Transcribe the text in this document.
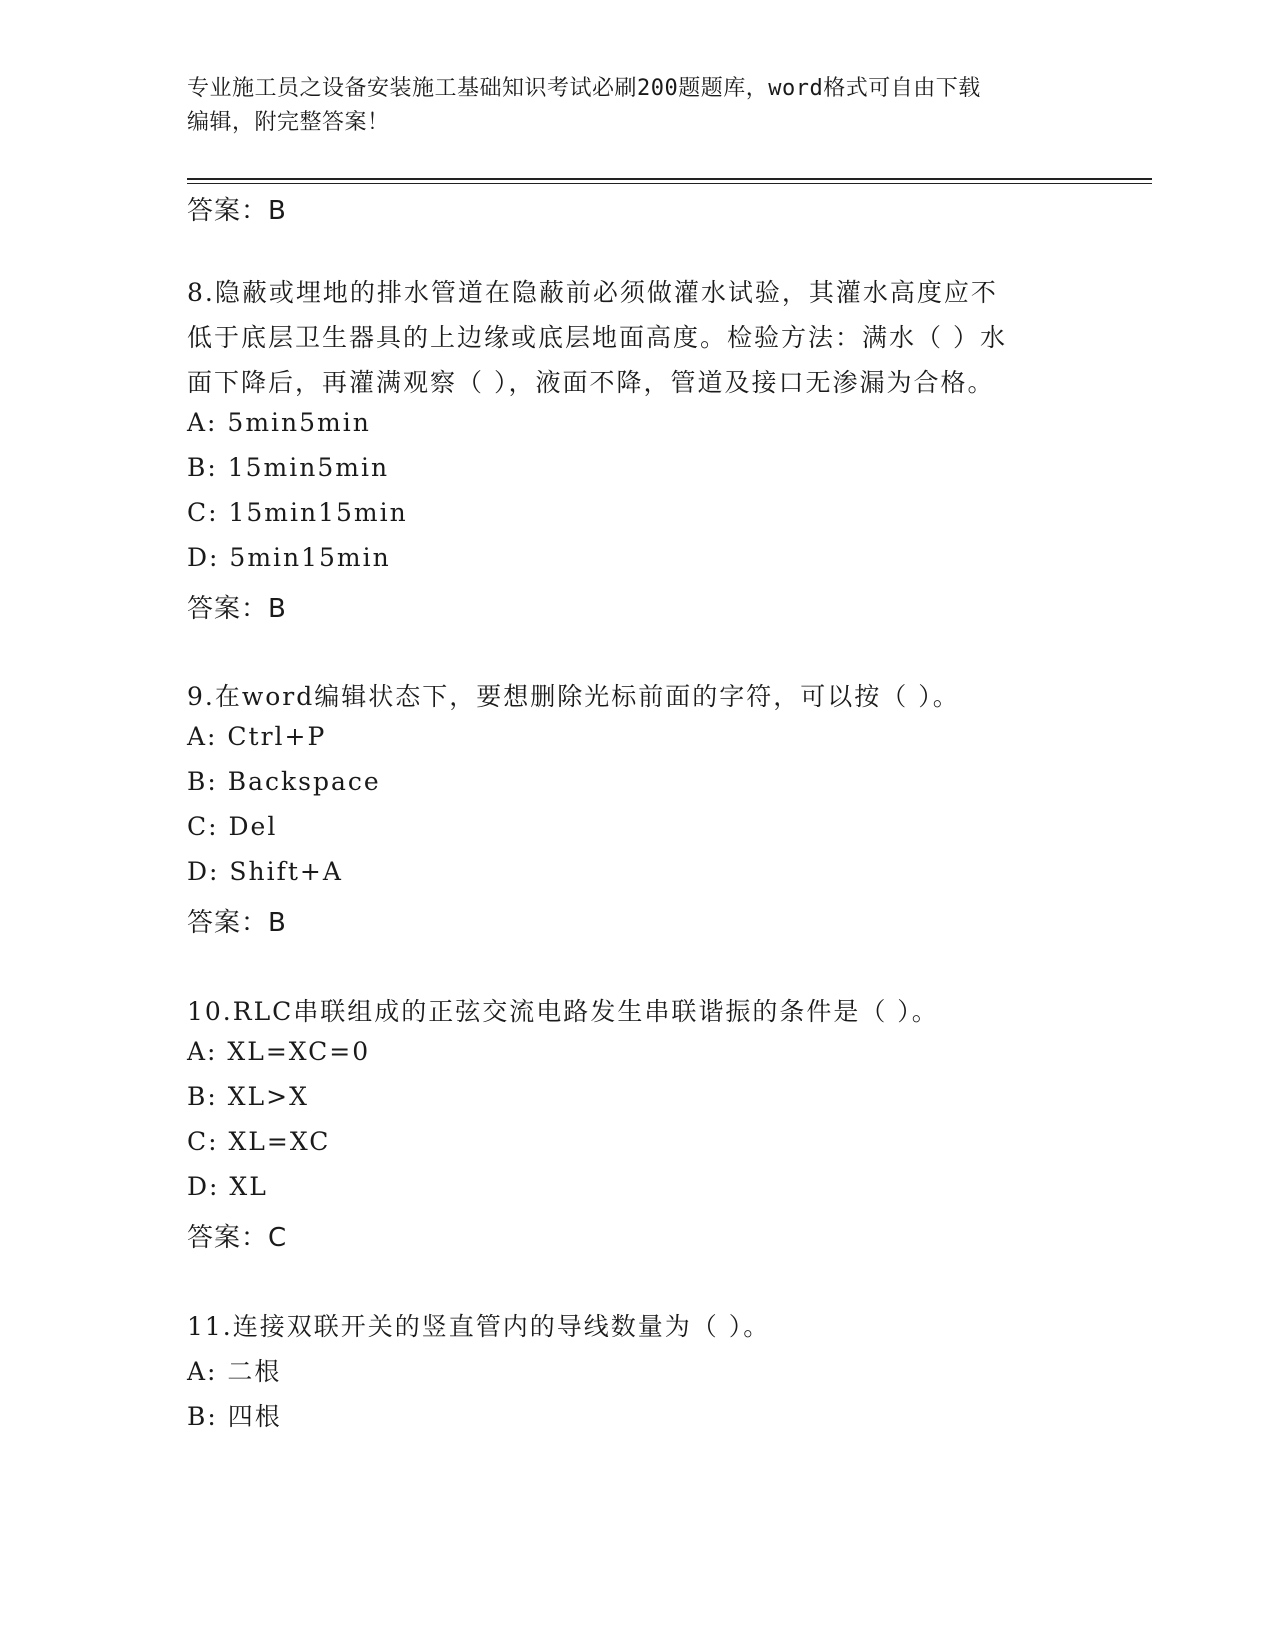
专业施工员之设备安装施工基础知识考试必刷200题题库，word格式可自由下载
编辑，附完整答案！
答案：B
8.隐蔽或埋地的排水管道在隐蔽前必须做灌水试验，其灌水高度应不
低于底层卫生器具的上边缘或底层地面高度。检验方法：满水（ ）水
面下降后，再灌满观察（ ），液面不降，管道及接口无渗漏为合格。
A: 5min5min
B: 15min5min
C: 15min15min
D: 5min15min
答案：B
9.在word编辑状态下，要想删除光标前面的字符，可以按（ ）。
A: Ctrl+P
B: Backspace
C: Del
D: Shift+A
答案：B
10.RLC串联组成的正弦交流电路发生串联谐振的条件是（ ）。
A: XL=XC=0
B: XL>X
C: XL=XC
D: XL
答案：C
11.连接双联开关的竖直管内的导线数量为（ ）。
A: 二根
B: 四根
